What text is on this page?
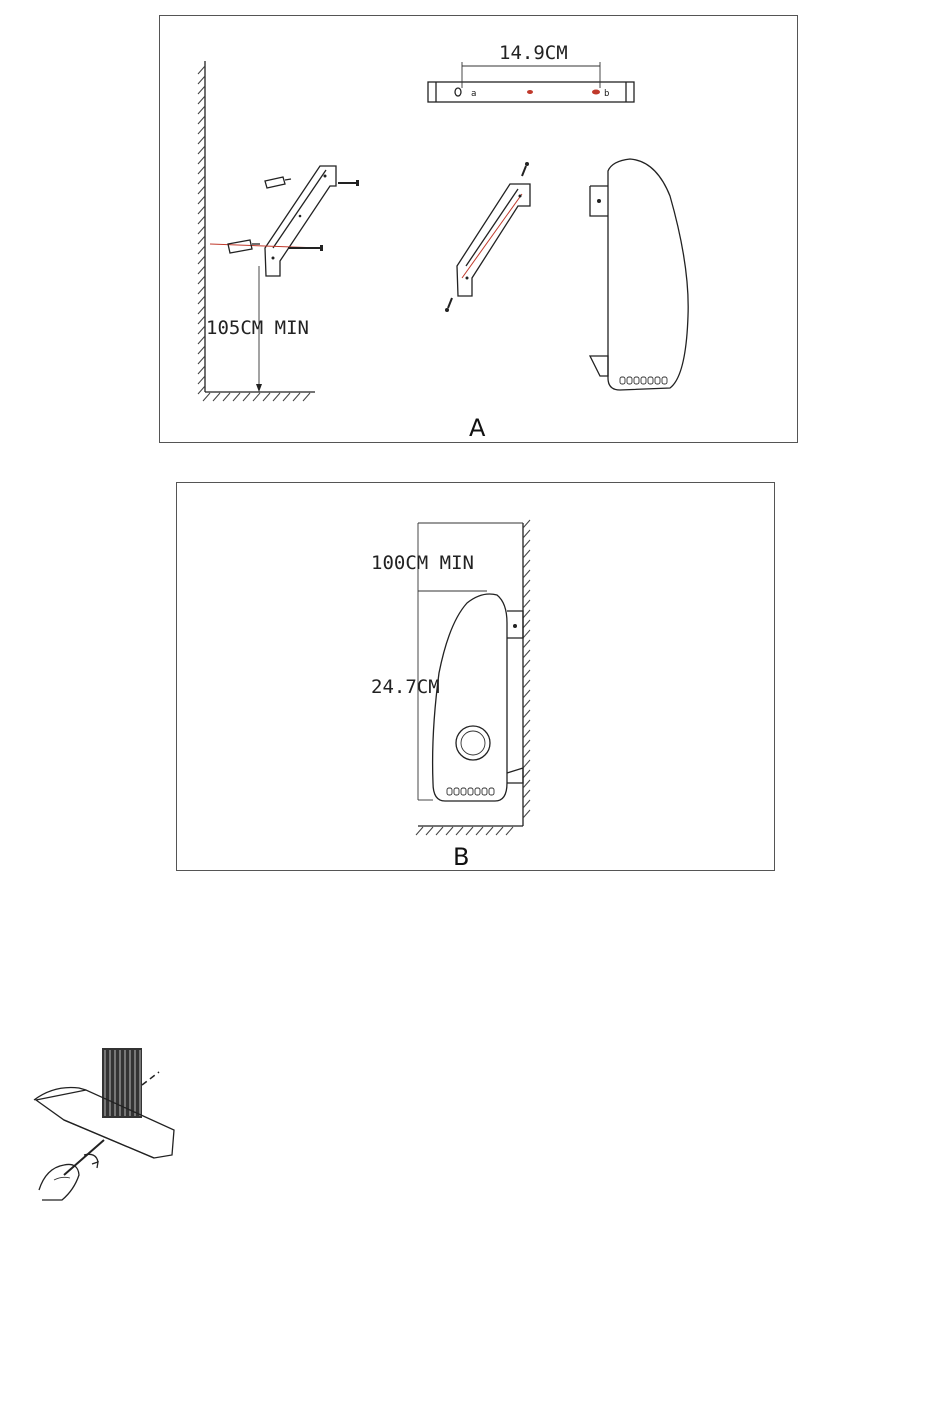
105CM MIN
14.9CM
a	b
A
100CM MIN
24.7CM
B
